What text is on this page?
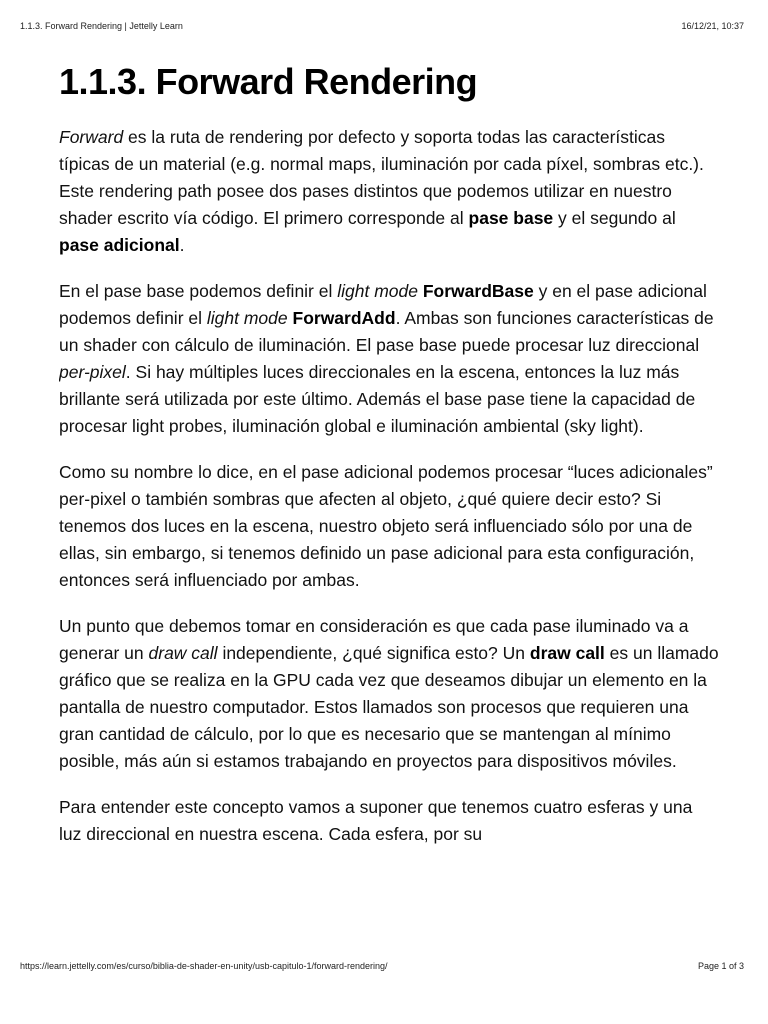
1.1.3. Forward Rendering | Jettelly Learn	16/12/21, 10:37
1.1.3. Forward Rendering

Forward es la ruta de rendering por defecto y soporta todas las características típicas de un material (e.g. normal maps, iluminación por cada píxel, sombras etc.). Este rendering path posee dos pases distintos que podemos utilizar en nuestro shader escrito vía código. El primero corresponde al pase base y el segundo al pase adicional.

En el pase base podemos definir el light mode ForwardBase y en el pase adicional podemos definir el light mode ForwardAdd. Ambas son funciones características de un shader con cálculo de iluminación. El pase base puede procesar luz direccional per-pixel. Si hay múltiples luces direccionales en la escena, entonces la luz más brillante será utilizada por este último. Además el base pase tiene la capacidad de procesar light probes, iluminación global e iluminación ambiental (sky light).

Como su nombre lo dice, en el pase adicional podemos procesar “luces adicionales” per-pixel o también sombras que afecten al objeto, ¿qué quiere decir esto? Si tenemos dos luces en la escena, nuestro objeto será influenciado sólo por una de ellas, sin embargo, si tenemos definido un pase adicional para esta configuración, entonces será influenciado por ambas.

Un punto que debemos tomar en consideración es que cada pase iluminado va a generar un draw call independiente, ¿qué significa esto? Un draw call es un llamado gráfico que se realiza en la GPU cada vez que deseamos dibujar un elemento en la pantalla de nuestro computador. Estos llamados son procesos que requieren una gran cantidad de cálculo, por lo que es necesario que se mantengan al mínimo posible, más aún si estamos trabajando en proyectos para dispositivos móviles.

Para entender este concepto vamos a suponer que tenemos cuatro esferas y una luz direccional en nuestra escena. Cada esfera, por su

https://learn.jettelly.com/es/curso/biblia-de-shader-en-unity/usb-capitulo-1/forward-rendering/	Page 1 of 3
